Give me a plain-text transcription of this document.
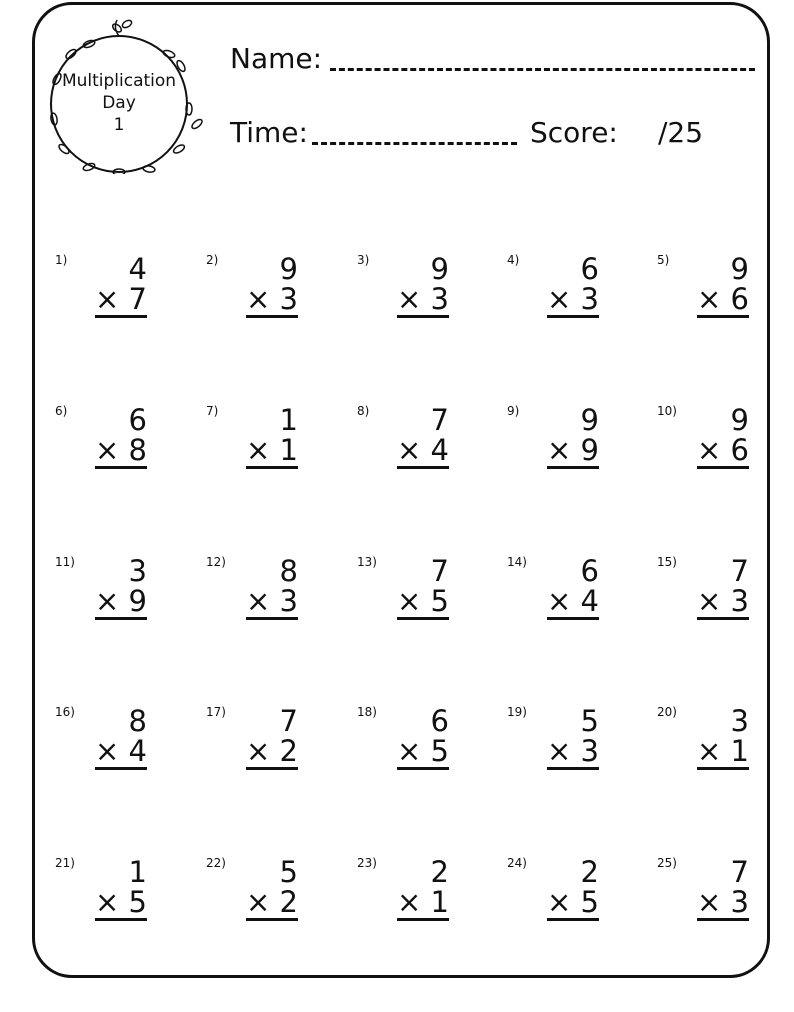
Multiplication
Day
1
Name:
Time:	Score: /25
1) 4
× 7
2) 9
× 3
3) 9
× 3
4) 6
× 3
5) 9
× 6
6) 6
× 8
7) 1
× 1
8) 7
× 4
9) 9
× 9
10) 9
× 6
11) 3
× 9
12) 8
× 3
13) 7
× 5
14) 6
× 4
15) 7
× 3
16) 8
× 4
17) 7
× 2
18) 6
× 5
19) 5
× 3
20) 3
× 1
21) 1
× 5
22) 5
× 2
23) 2
× 1
24) 2
× 5
25) 7
× 3
